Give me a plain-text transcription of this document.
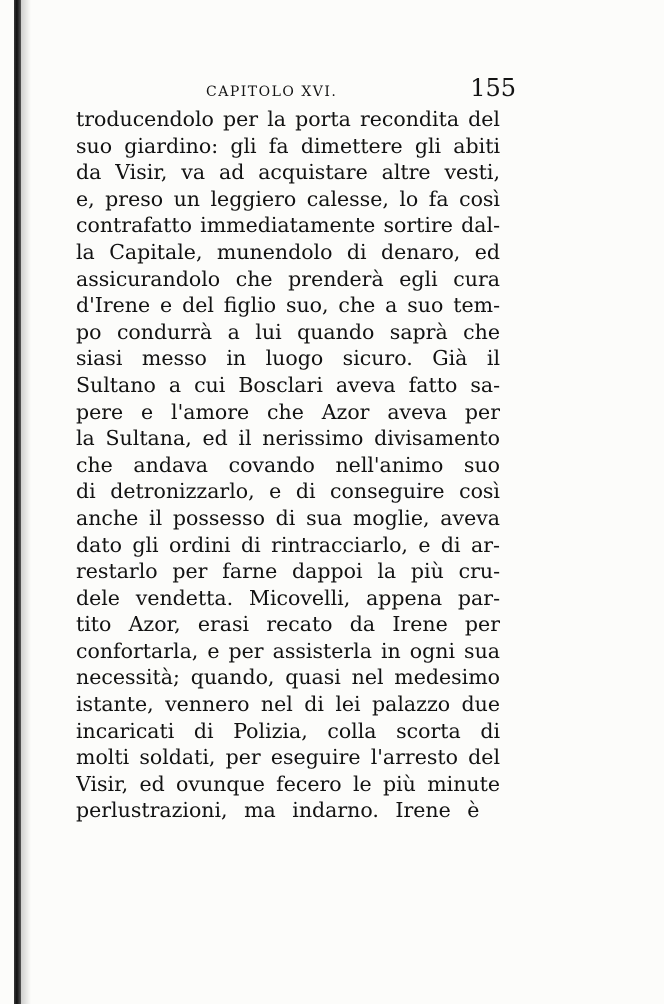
CAPITOLO XVI.	155
troducendolo per la porta recondita del
suo giardino: gli fa dimettere gli abiti
da Visir, va ad acquistare altre vesti,
e, preso un leggiero calesse, lo fa così
contrafatto immediatamente sortire dal-
la Capitale, munendolo di denaro, ed
assicurandolo che prenderà egli cura
d'Irene e del figlio suo, che a suo tem-
po condurrà a lui quando saprà che
siasi messo in luogo sicuro. Già il
Sultano a cui Bosclari aveva fatto sa-
pere e l'amore che Azor aveva per
la Sultana, ed il nerissimo divisamento
che andava covando nell'animo suo
di detronizzarlo, e di conseguire così
anche il possesso di sua moglie, aveva
dato gli ordini di rintracciarlo, e di ar-
restarlo per farne dappoi la più cru-
dele vendetta. Micovelli, appena par-
tito Azor, erasi recato da Irene per
confortarla, e per assisterla in ogni sua
necessità; quando, quasi nel medesimo
istante, vennero nel di lei palazzo due
incaricati di Polizia, colla scorta di
molti soldati, per eseguire l'arresto del
Visir, ed ovunque fecero le più minute
perlustrazioni, ma indarno. Irene è
